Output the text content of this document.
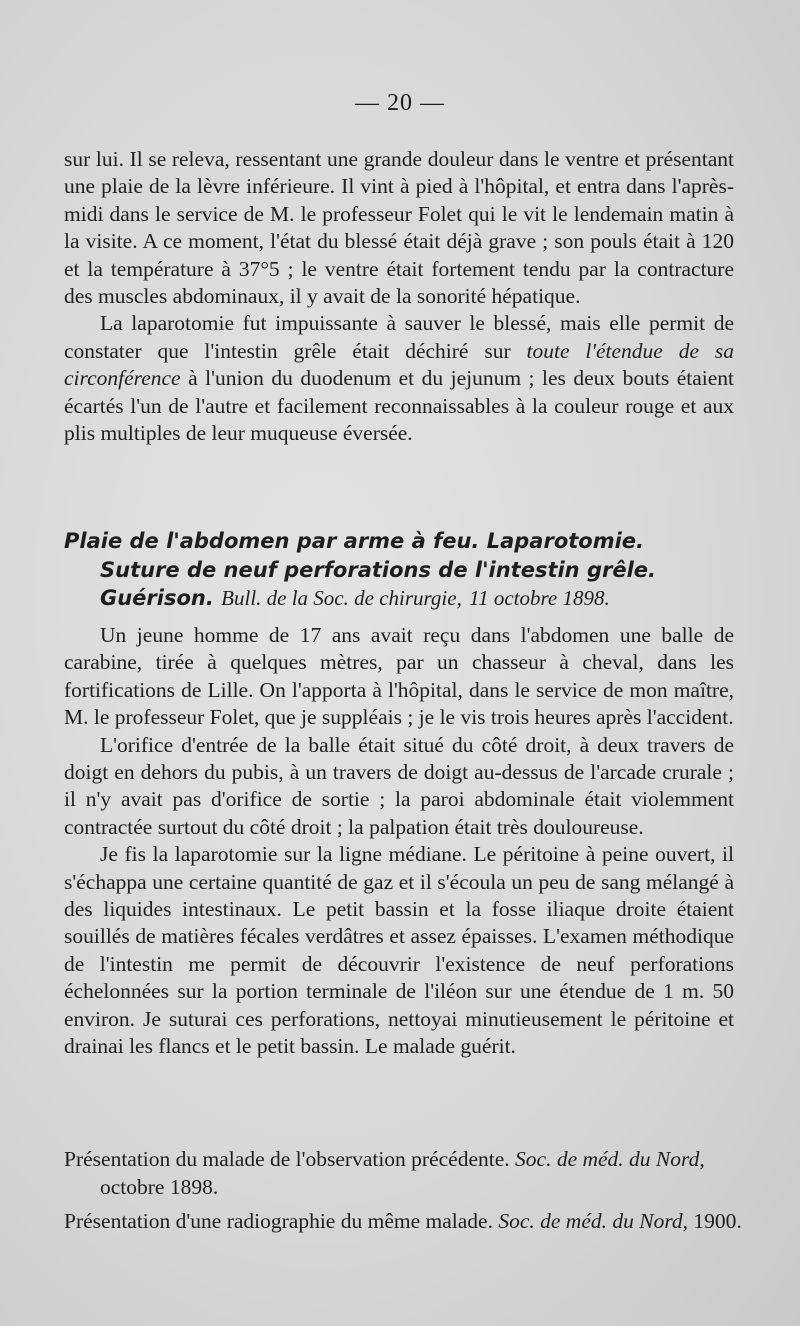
— 20 —

sur lui. Il se releva, ressentant une grande douleur dans le ventre et présentant une plaie de la lèvre inférieure. Il vint à pied à l'hôpital, et entra dans l'après-midi dans le service de M. le professeur Folet qui le vit le lendemain matin à la visite. A ce moment, l'état du blessé était déjà grave ; son pouls était à 120 et la température à 37°5 ; le ventre était fortement tendu par la contracture des muscles abdominaux, il y avait de la sonorité hépatique.

La laparotomie fut impuissante à sauver le blessé, mais elle permit de constater que l'intestin grêle était déchiré sur toute l'étendue de sa circonférence à l'union du duodenum et du jejunum ; les deux bouts étaient écartés l'un de l'autre et facilement reconnaissables à la couleur rouge et aux plis multiples de leur muqueuse éversée.

Plaie de l'abdomen par arme à feu. Laparotomie.
Suture de neuf perforations de l'intestin grêle.
Guérison. Bull. de la Soc. de chirurgie, 11 octobre 1898.

Un jeune homme de 17 ans avait reçu dans l'abdomen une balle de carabine, tirée à quelques mètres, par un chasseur à cheval, dans les fortifications de Lille. On l'apporta à l'hôpital, dans le service de mon maître, M. le professeur Folet, que je suppléais ; je le vis trois heures après l'accident.

L'orifice d'entrée de la balle était situé du côté droit, à deux travers de doigt en dehors du pubis, à un travers de doigt au-dessus de l'arcade crurale ; il n'y avait pas d'orifice de sortie ; la paroi abdominale était violemment contractée surtout du côté droit ; la palpation était très douloureuse.

Je fis la laparotomie sur la ligne médiane. Le péritoine à peine ouvert, il s'échappa une certaine quantité de gaz et il s'écoula un peu de sang mélangé à des liquides intestinaux. Le petit bassin et la fosse iliaque droite étaient souillés de matières fécales verdâtres et assez épaisses. L'examen méthodique de l'intestin me permit de découvrir l'existence de neuf perforations échelonnées sur la portion terminale de l'iléon sur une étendue de 1 m. 50 environ. Je suturai ces perforations, nettoyai minutieusement le péritoine et drainai les flancs et le petit bassin. Le malade guérit.

Présentation du malade de l'observation précédente. Soc. de méd. du Nord, octobre 1898.

Présentation d'une radiographie du même malade. Soc. de méd. du Nord, 1900.
